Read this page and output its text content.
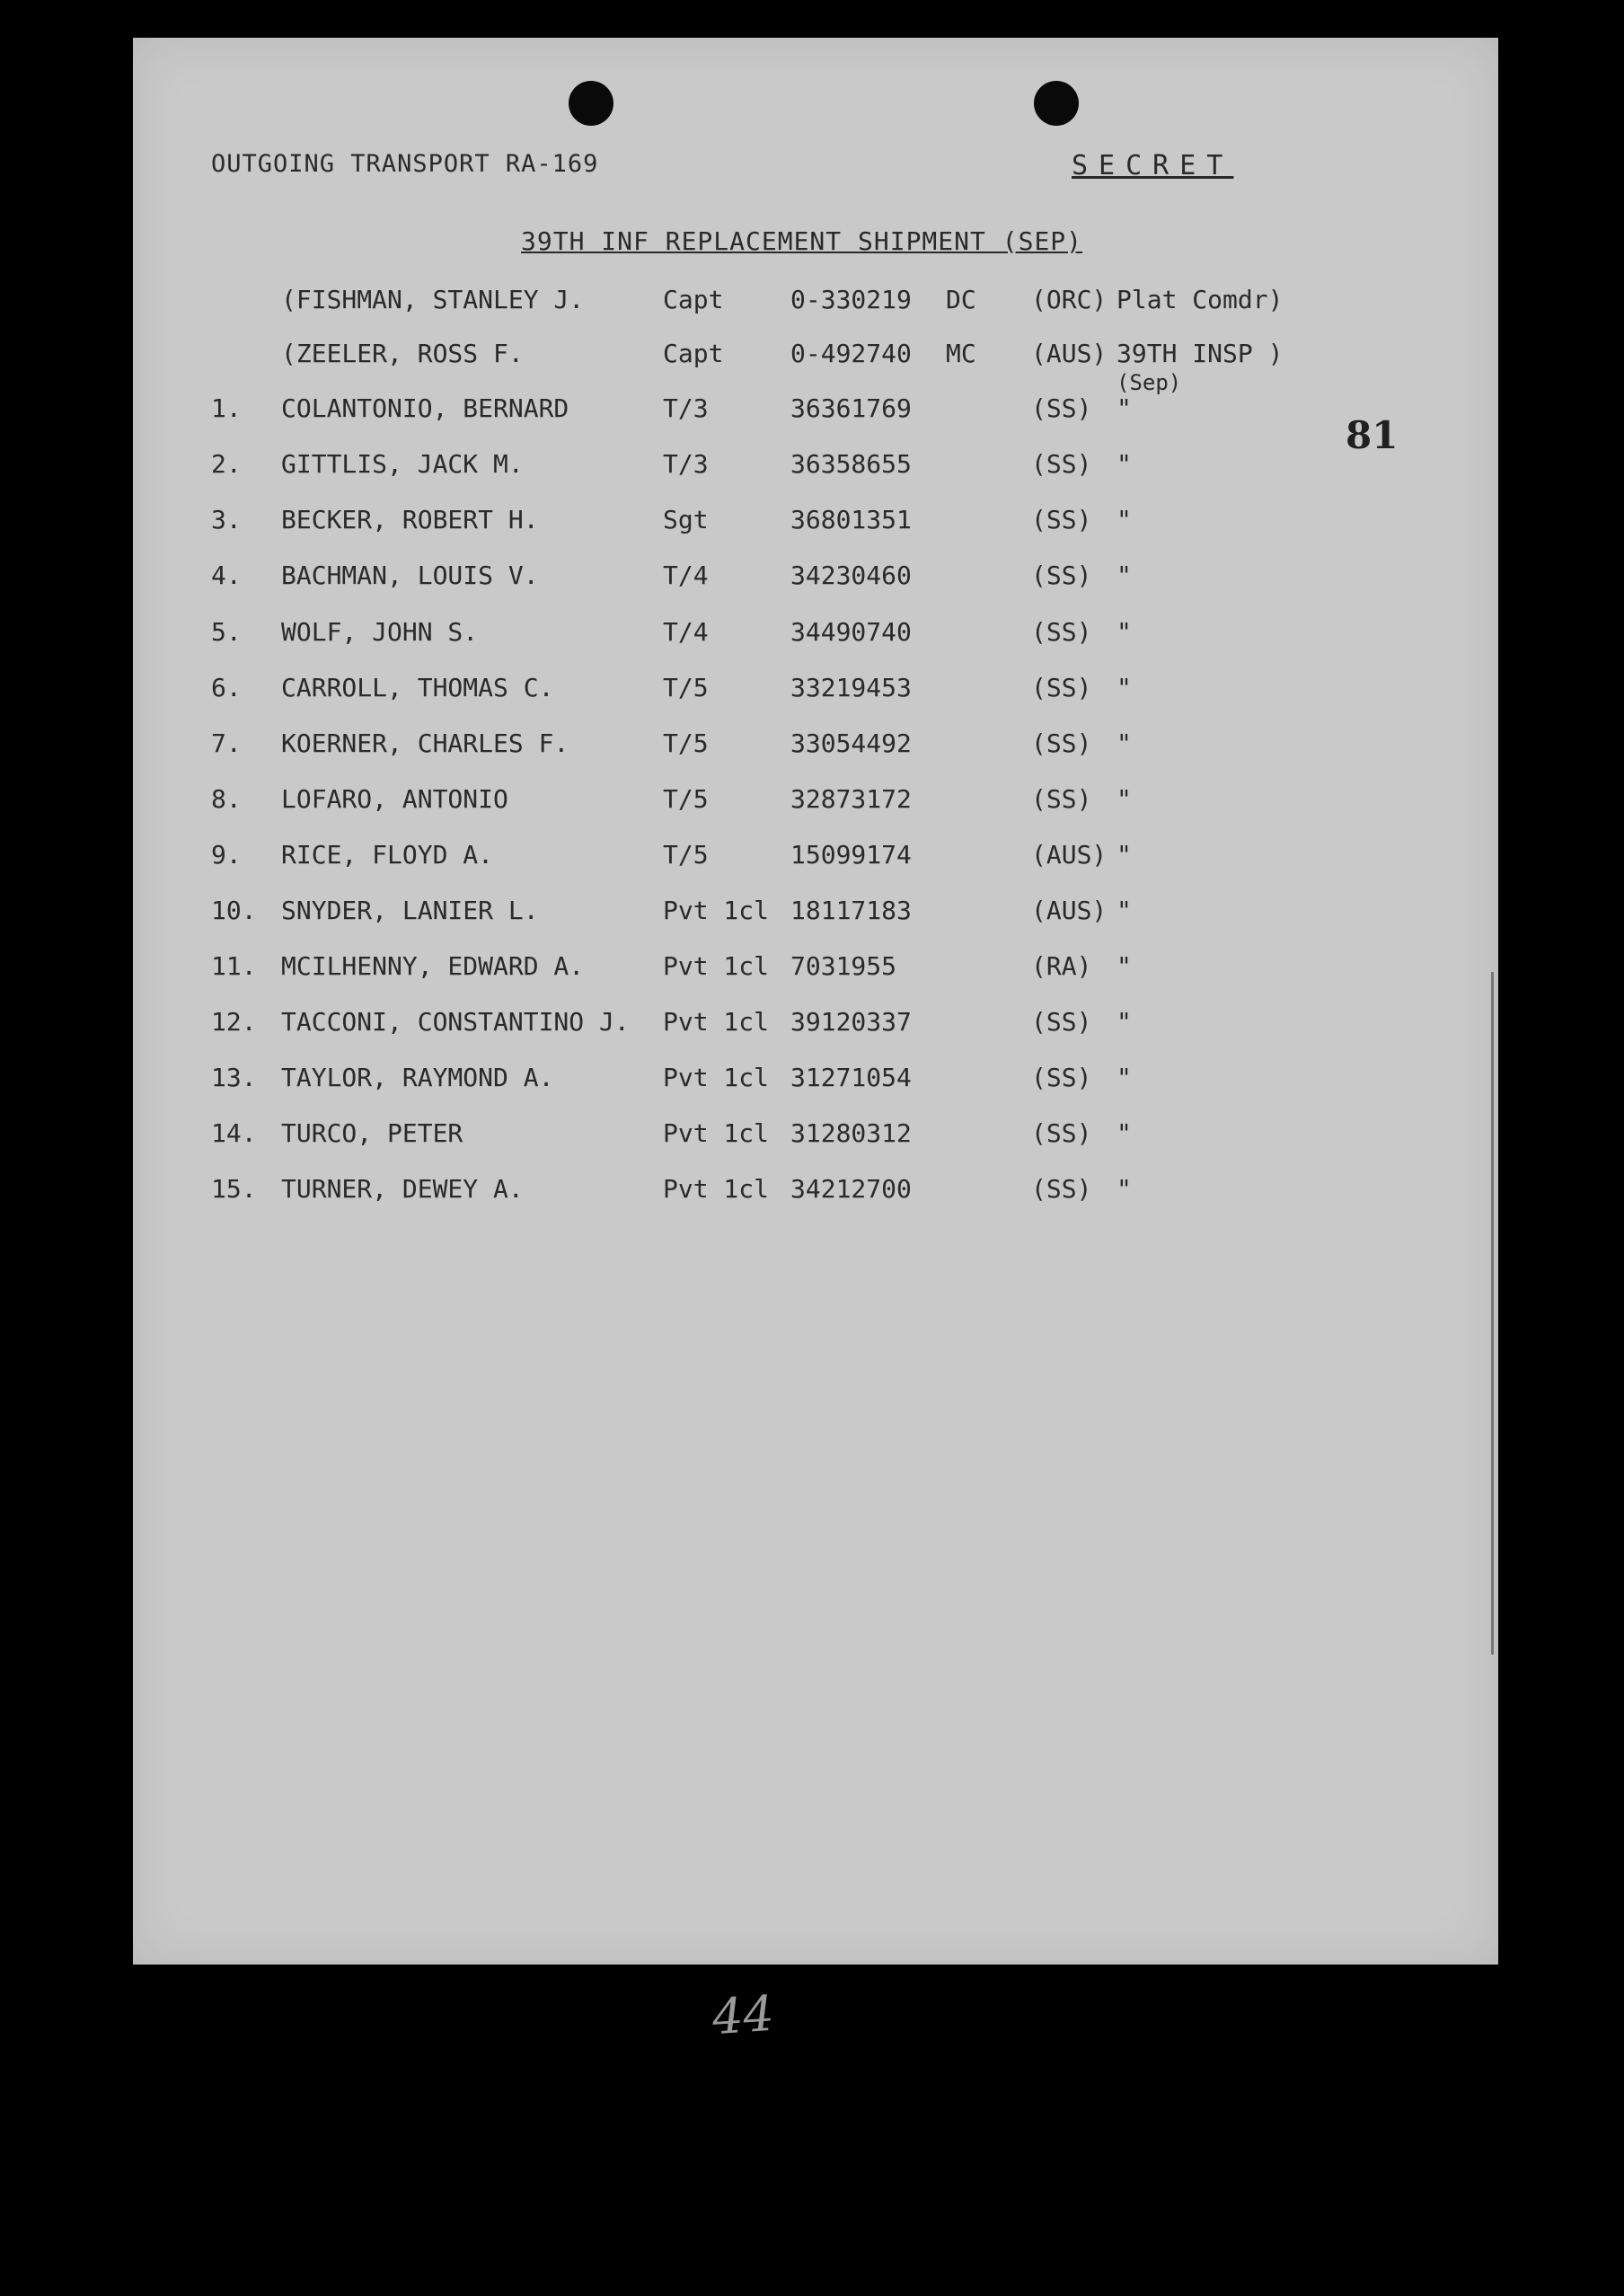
OUTGOING TRANSPORT RA-169	SECRET
39TH INF REPLACEMENT SHIPMENT (SEP)
81
(FISHMAN, STANLEY J.	Capt	0-330219 DC (ORC) Plat Comdr)
(ZEELER, ROSS F.	Capt	0-492740 MC (AUS) 39TH INSP )
(Sep)
1. COLANTONIO, BERNARD	T/3	36361769	(SS) "
2. GITTLIS, JACK M.	T/3	36358655	(SS) "
3. BECKER, ROBERT H.	Sgt	36801351	(SS) "
4. BACHMAN, LOUIS V.	T/4	34230460	(SS) "
5. WOLF, JOHN S.	T/4	34490740	(SS) "
6. CARROLL, THOMAS C.	T/5	33219453	(SS) "
7. KOERNER, CHARLES F.	T/5	33054492	(SS) "
8. LOFARO, ANTONIO	T/5	32873172	(SS) "
9. RICE, FLOYD A.	T/5	15099174	(AUS) "
10. SNYDER, LANIER L.	Pvt 1cl 18117183	(AUS) "
11. MCILHENNY, EDWARD A.	Pvt 1cl 7031955	(RA) "
12. TACCONI, CONSTANTINO J. Pvt 1cl 39120337	(SS) "
13. TAYLOR, RAYMOND A.	Pvt 1cl 31271054	(SS) "
14. TURCO, PETER	Pvt 1cl 31280312	(SS) "
15. TURNER, DEWEY A.	Pvt 1cl 34212700	(SS) "
44
